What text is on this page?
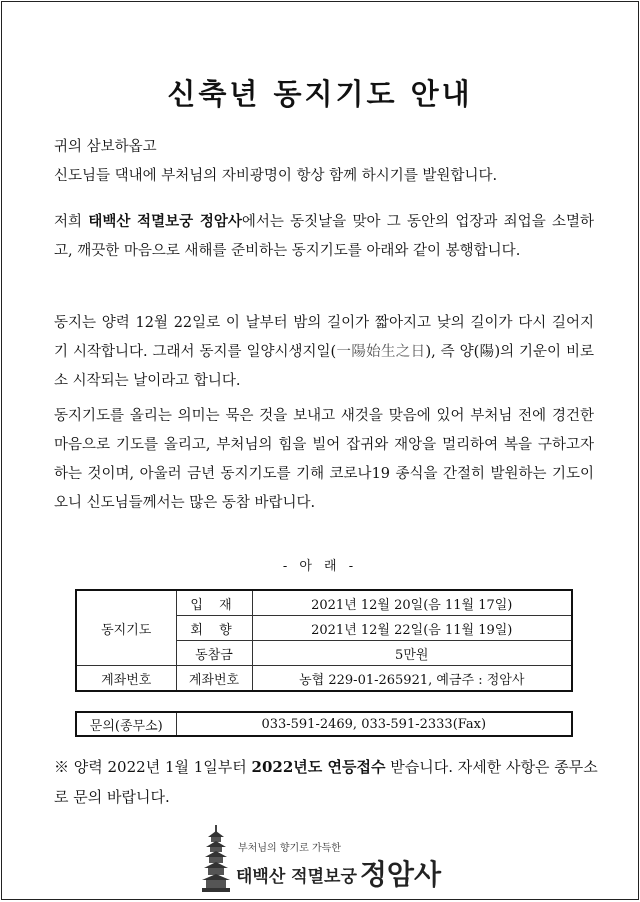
신축년 동지기도 안내

귀의 삼보하옵고
신도님들 댁내에 부처님의 자비광명이 항상 함께 하시기를 발원합니다.

저희 태백산 적멸보궁 정암사에서는 동짓날을 맞아 그 동안의 업장과 죄업을 소멸하고, 깨끗한 마음으로 새해를 준비하는 동지기도를 아래와 같이 봉행합니다.

동지는 양력 12월 22일로 이 날부터 밤의 길이가 짧아지고 낮의 길이가 다시 길어지기 시작합니다. 그래서 동지를 일양시생지일(一陽始生之日), 즉 양(陽)의 기운이 비로소 시작되는 날이라고 합니다.

동지기도를 올리는 의미는 묵은 것을 보내고 새것을 맞음에 있어 부처님 전에 경건한 마음으로 기도를 올리고, 부처님의 힘을 빌어 잡귀와 재앙을 멀리하여 복을 구하고자 하는 것이며, 아울러 금년 동지기도를 기해 코로나19 종식을 간절히 발원하는 기도이오니 신도님들께서는 많은 동참 바랍니다.

- 아 래 -
동지기도	입 재	2021년 12월 20일(음 11월 17일)
	회 향	2021년 12월 22일(음 11월 19일)
	동참금	5만원
계좌번호	계좌번호	농협 229-01-265921, 예금주 : 정암사
문의(종무소)	033-591-2469, 033-591-2333(Fax)

※ 양력 2022년 1월 1일부터 2022년도 연등접수 받습니다. 자세한 사항은 종무소로 문의 바랍니다.

부처님의 향기로 가득한
태백산 적멸보궁 정암사
